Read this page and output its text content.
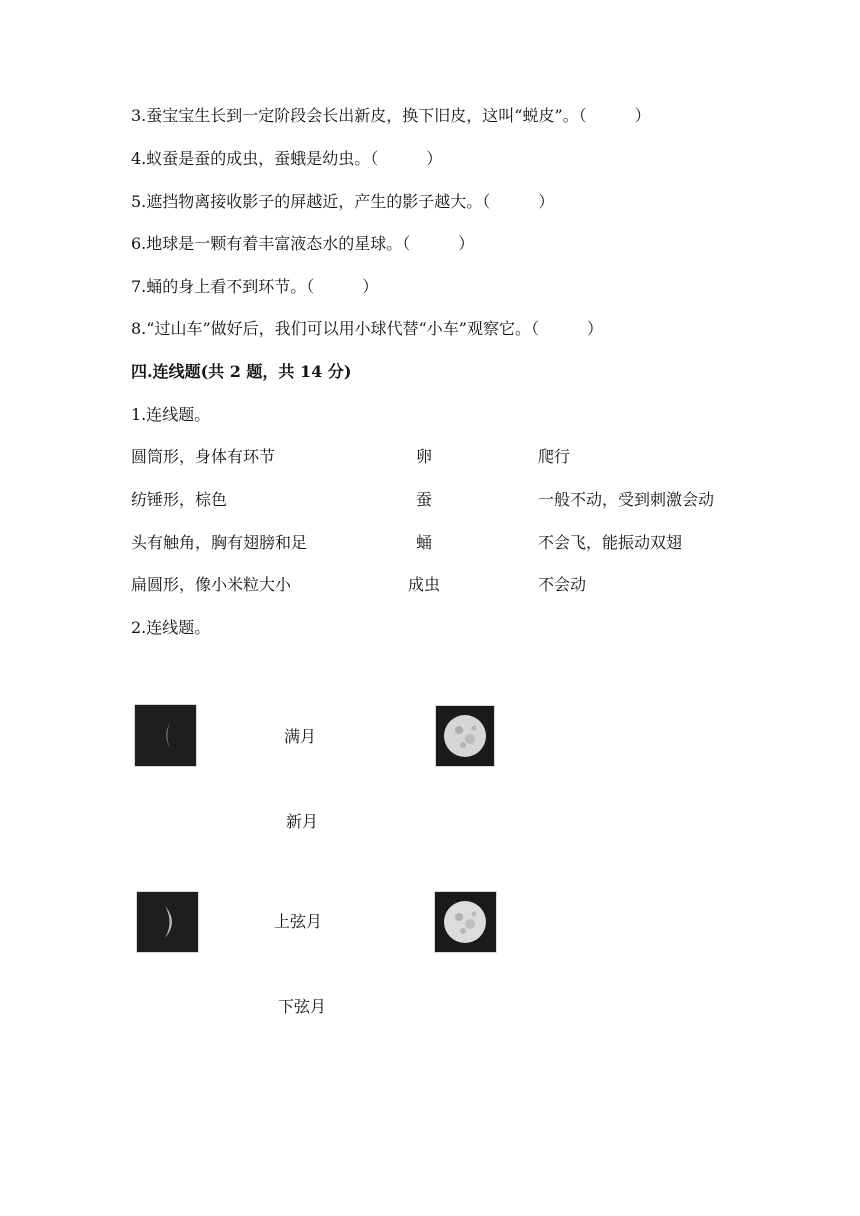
3.蚕宝宝生长到一定阶段会长出新皮，换下旧皮，这叫“蜕皮”。（　　　）
4.蚁蚕是蚕的成虫，蚕蛾是幼虫。（　　　）
5.遮挡物离接收影子的屏越近，产生的影子越大。（　　　）
6.地球是一颗有着丰富液态水的星球。（　　　）
7.蛹的身上看不到环节。（　　　）
8.“过山车”做好后，我们可以用小球代替“小车”观察它。（　　　）
四.连线题(共 2 题，共 14 分)
1.连线题。
圆筒形，身体有环节	卵	爬行
纺锤形，棕色	蚕	一般不动，受到刺激会动
头有触角，胸有翅膀和足	蛹	不会飞，能振动双翅
扁圆形，像小米粒大小	成虫	不会动
2.连线题。
满月
新月
上弦月
下弦月
